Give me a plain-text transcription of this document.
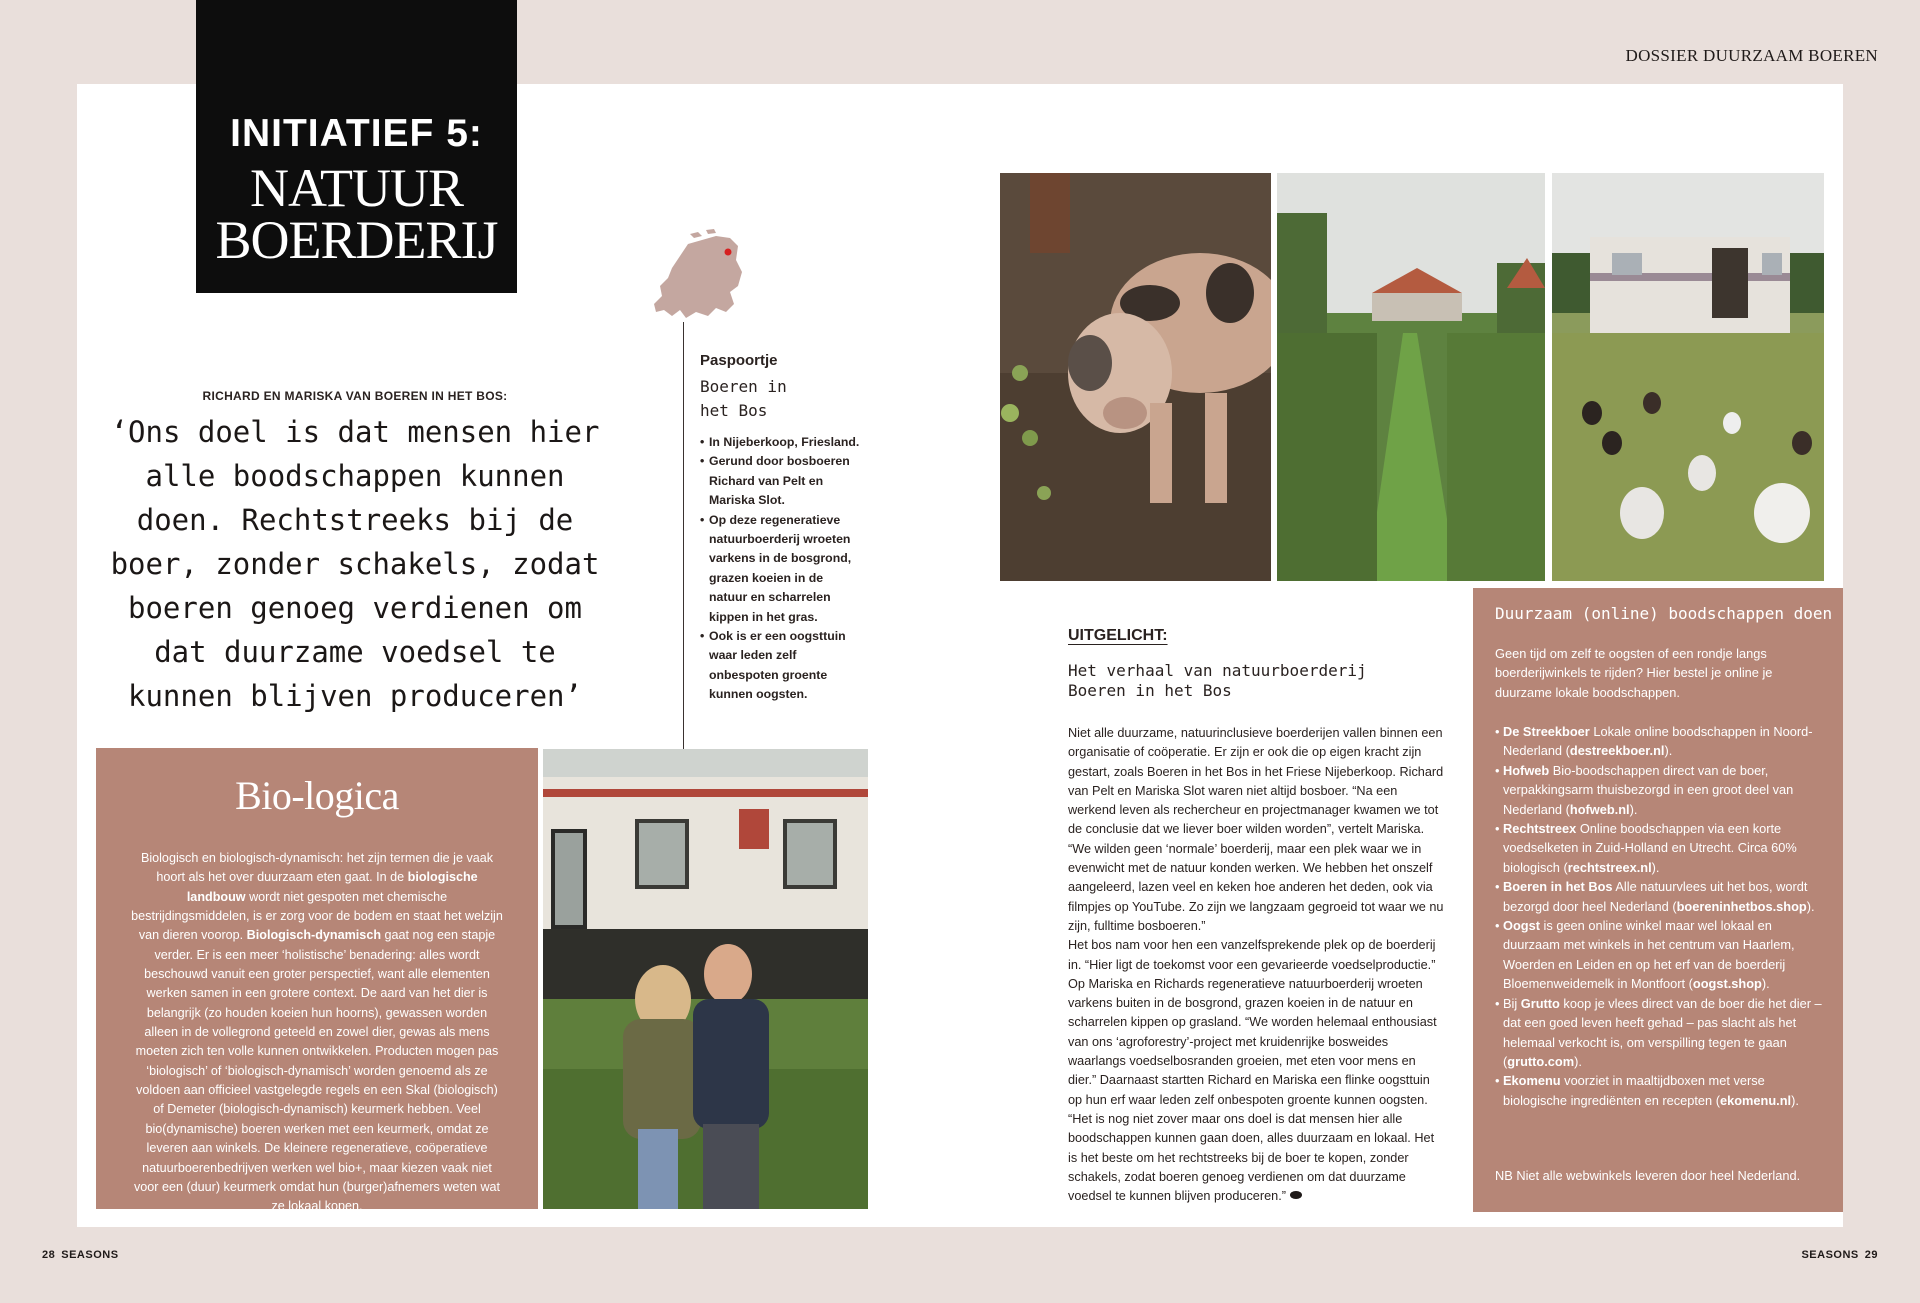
DOSSIER DUURZAAM BOEREN
28 SEASONS	SEASONS 29
INITIATIEF 5:
NATUUR
BOERDERIJ
RICHARD EN MARISKA VAN BOEREN IN HET BOS:
‘Ons doel is dat mensen hier alle boodschappen kunnen doen. Rechtstreeks bij de boer, zonder schakels, zodat boeren genoeg verdienen om dat duurzame voedsel te kunnen blijven produceren’
Paspoortje
Boeren in
het Bos
• In Nijeberkoop, Friesland.
• Gerund door bosboeren Richard van Pelt en Mariska Slot.
• Op deze regeneratieve natuurboerderij wroeten varkens in de bosgrond, grazen koeien in de natuur en scharrelen kippen in het gras.
• Ook is er een oogsttuin waar leden zelf onbespoten groente kunnen oogsten.
Bio-logica
Biologisch en biologisch-dynamisch: het zijn termen die je vaak hoort als het over duurzaam eten gaat. In de biologische landbouw wordt niet gespoten met chemische bestrijdingsmiddelen, is er zorg voor de bodem en staat het welzijn van dieren voorop. Biologisch-dynamisch gaat nog een stapje verder. Er is een meer ‘holistische’ benadering: alles wordt beschouwd vanuit een groter perspectief, want alle elementen werken samen in een grotere context. De aard van het dier is belangrijk (zo houden koeien hun hoorns), gewassen worden alleen in de vollegrond geteeld en zowel dier, gewas als mens moeten zich ten volle kunnen ontwikkelen. Producten mogen pas ‘biologisch’ of ‘biologisch-dynamisch’ worden genoemd als ze voldoen aan officieel vastgelegde regels en een Skal (biologisch) of Demeter (biologisch-dynamisch) keurmerk hebben. Veel bio(dynamische) boeren werken met een keurmerk, omdat ze leveren aan winkels. De kleinere regeneratieve, coöperatieve natuurboerenbedrijven werken wel bio+, maar kiezen vaak niet voor een (duur) keurmerk omdat hun (burger)afnemers weten wat ze lokaal kopen.
UITGELICHT:
Het verhaal van natuurboerderij Boeren in het Bos

Niet alle duurzame, natuurinclusieve boerderijen vallen binnen een organisatie of coöperatie. Er zijn er ook die op eigen kracht zijn gestart, zoals Boeren in het Bos in het Friese Nijeberkoop. Richard van Pelt en Mariska Slot waren niet altijd bosboer. “Na een werkend leven als rechercheur en projectmanager kwamen we tot de conclusie dat we liever boer wilden worden”, vertelt Mariska. “We wilden geen ‘normale’ boerderij, maar een plek waar we in evenwicht met de natuur konden werken. We hebben het onszelf aangeleerd, lazen veel en keken hoe anderen het deden, ook via filmpjes op YouTube. Zo zijn we langzaam gegroeid tot waar we nu zijn, fulltime bosboeren.”

Het bos nam voor hen een vanzelfsprekende plek op de boerderij in. “Hier ligt de toekomst voor een gevarieerde voedselproductie.” Op Mariska en Richards regeneratieve natuurboerderij wroeten varkens buiten in de bosgrond, grazen koeien in de natuur en scharrelen kippen op grasland. “We worden helemaal enthousiast van ons ‘agroforestry’-project met kruidenrijke bosweides waarlangs voedselbosranden groeien, met eten voor mens en dier.” Daarnaast startten Richard en Mariska een flinke oogsttuin op hun erf waar leden zelf onbespoten groente kunnen oogsten. “Het is nog niet zover maar ons doel is dat mensen hier alle boodschappen kunnen gaan doen, alles duurzaam en lokaal. Het is het beste om het rechtstreeks bij de boer te kopen, zonder schakels, zodat boeren genoeg verdienen om dat duurzame voedsel te kunnen blijven produceren.”

Duurzaam (online) boodschappen doen
Geen tijd om zelf te oogsten of een rondje langs boerderijwinkels te rijden? Hier bestel je online je duurzame lokale boodschappen.
• De Streekboer Lokale online boodschappen in Noord-Nederland (destreekboer.nl).
• Hofweb Bio-boodschappen direct van de boer, verpakkingsarm thuisbezorgd in een groot deel van Nederland (hofweb.nl).
• Rechtstreex Online boodschappen via een korte voedselketen in Zuid-Holland en Utrecht. Circa 60% biologisch (rechtstreex.nl).
• Boeren in het Bos Alle natuurvlees uit het bos, wordt bezorgd door heel Nederland (boereninhetbos.shop).
• Oogst is geen online winkel maar wel lokaal en duurzaam met winkels in het centrum van Haarlem, Woerden en Leiden en op het erf van de boerderij Bloemenweidemelk in Montfoort (oogst.shop).
• Bij Grutto koop je vlees direct van de boer die het dier – dat een goed leven heeft gehad – pas slacht als het helemaal verkocht is, om verspilling tegen te gaan (grutto.com).
• Ekomenu voorziet in maaltijdboxen met verse biologische ingrediënten en recepten (ekomenu.nl).
NB Niet alle webwinkels leveren door heel Nederland.
